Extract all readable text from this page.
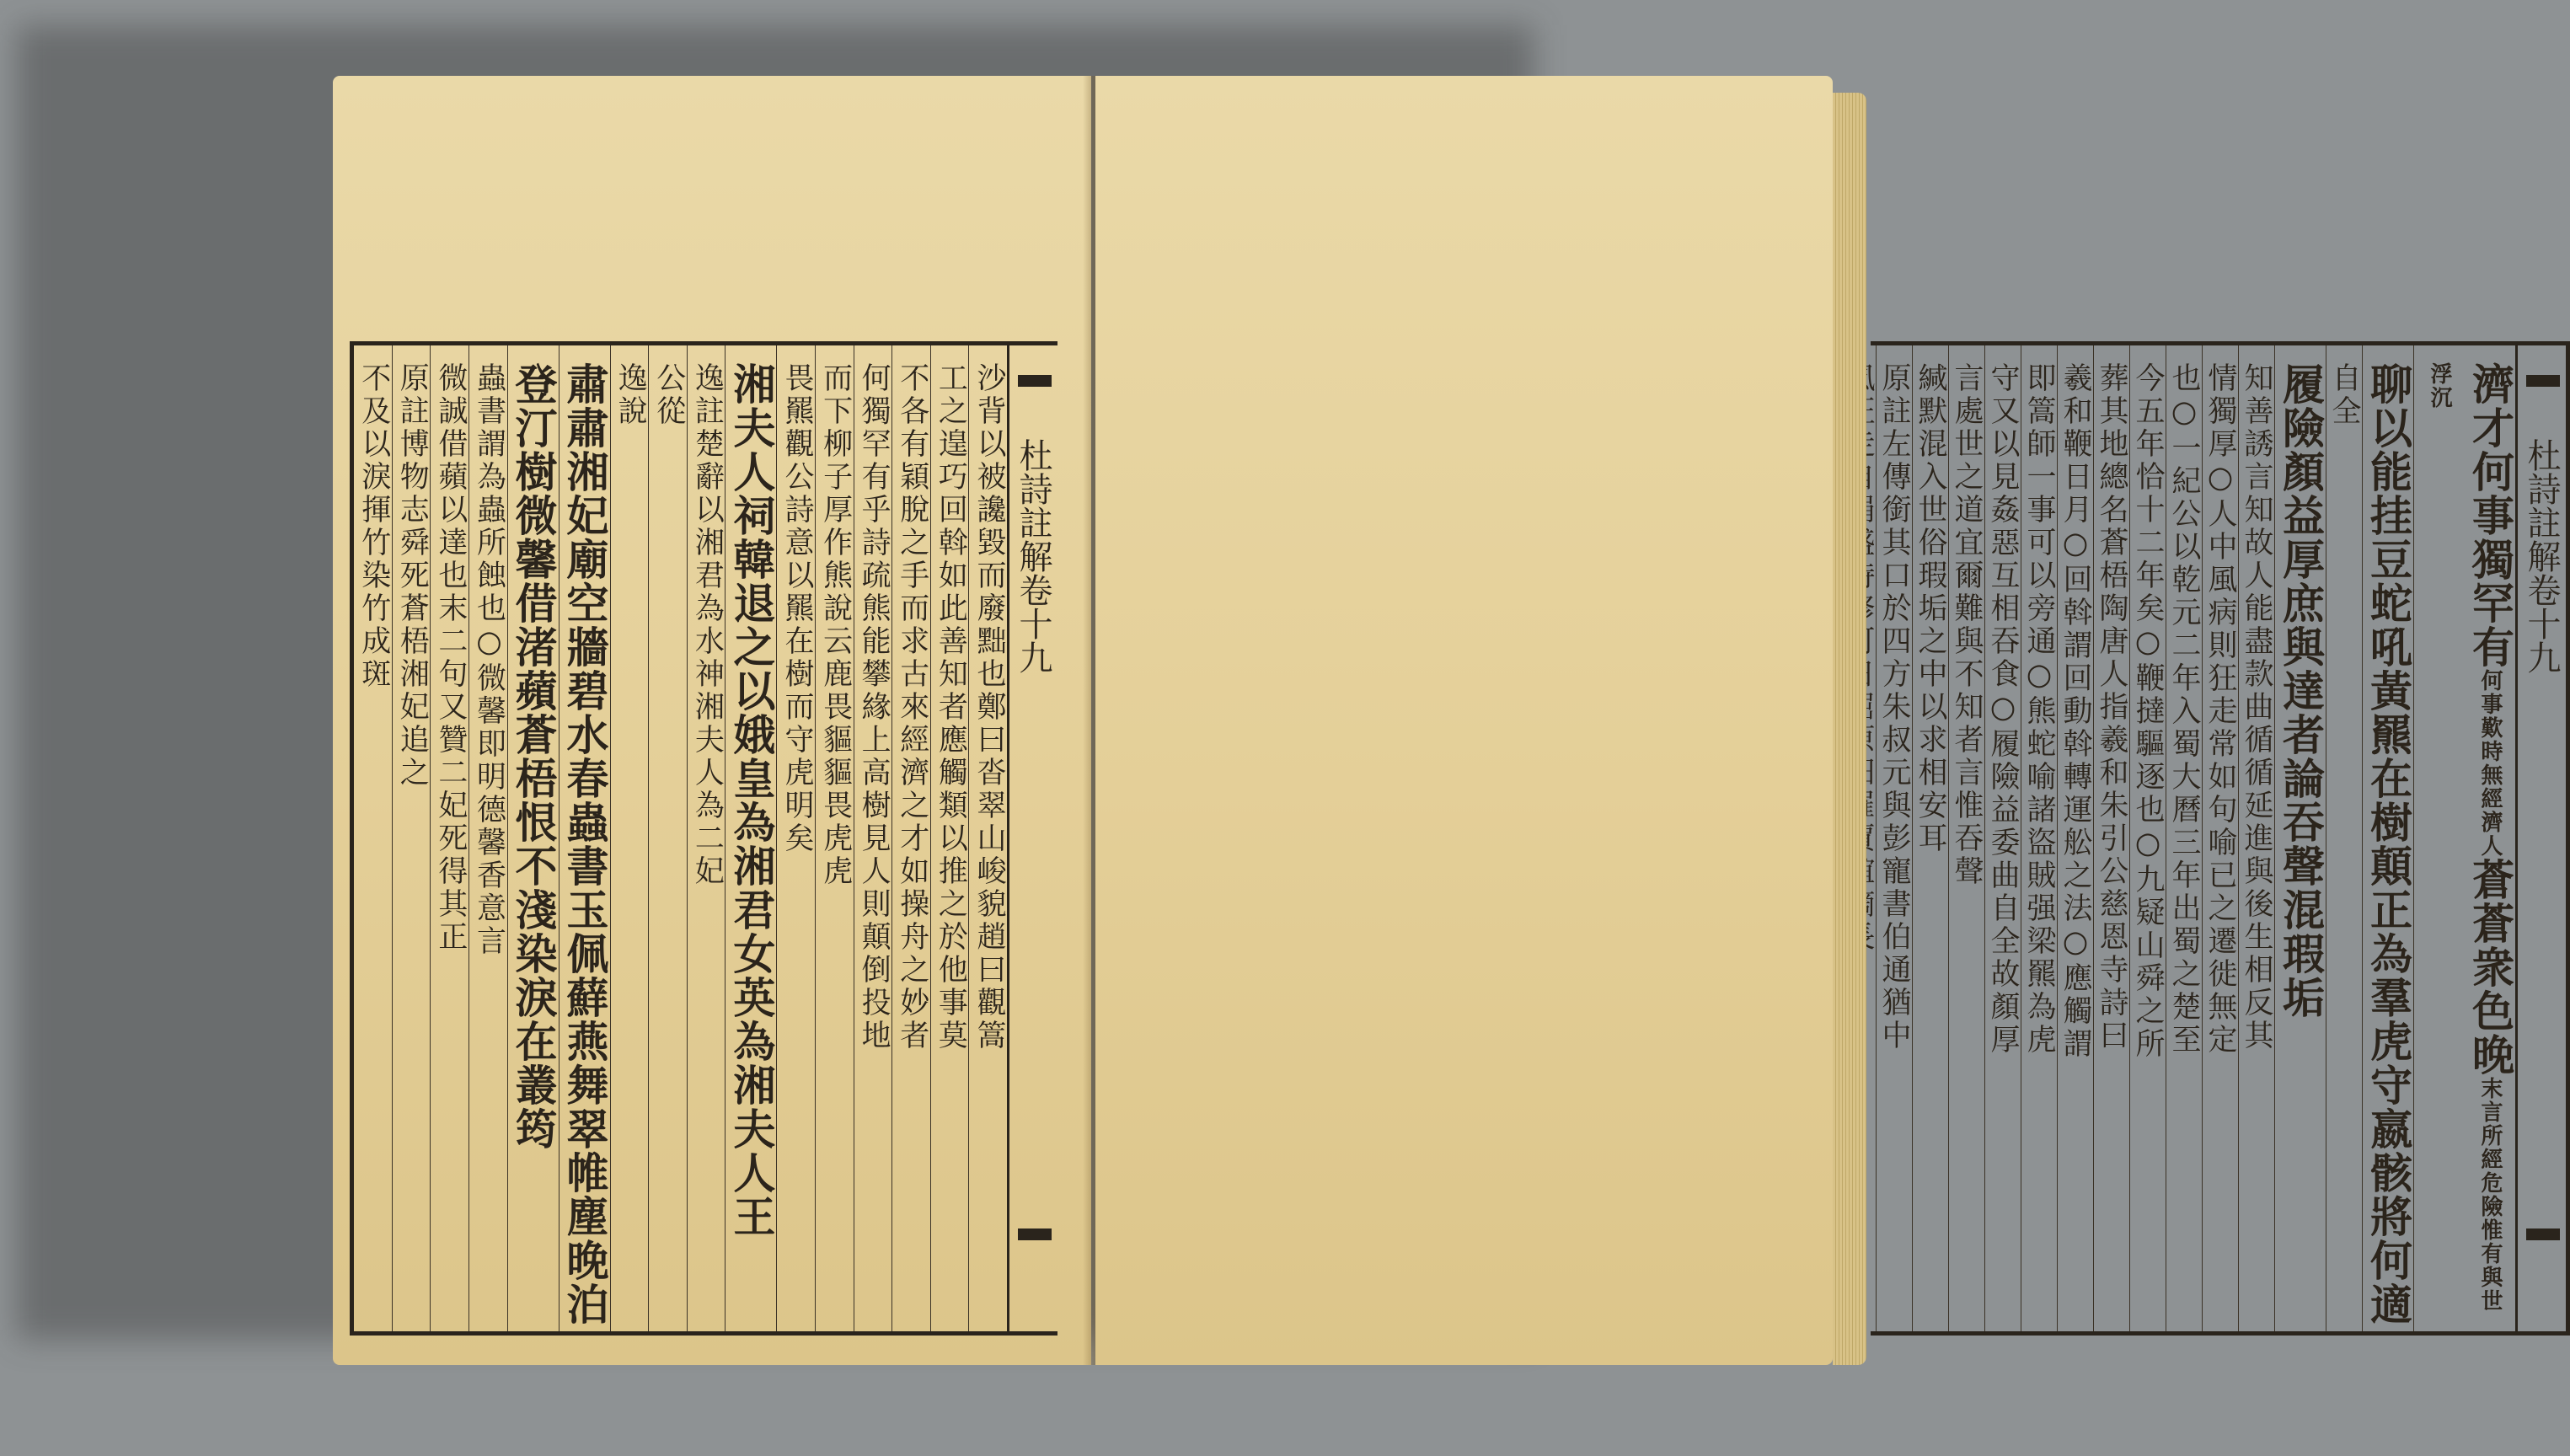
杜詩註解卷十九
沙背以被讒毀而廢黜也鄭曰沓翠山峻貌趙曰觀篙
工之遑巧回斡如此善知者應觸類以推之於他事莫
不各有穎脫之手而求古來經濟之才如操舟之妙者
何獨罕有乎詩疏熊能攀緣上高樹見人則顛倒投地
而下柳子厚作熊說云鹿畏貙貙畏虎虎
畏羆觀公詩意以羆在樹而守虎明矣
湘夫人祠韓退之以娥皇為湘君女英為湘夫人王
逸註楚辭以湘君為水神湘夫人為二妃
公從
逸說
肅肅湘妃廟空牆碧水春蟲書玉佩蘚燕舞翠帷塵晚泊
登汀樹微馨借渚蘋蒼梧恨不淺染淚在叢筠
蟲書謂為蟲所蝕也○微馨即明德馨香意言
微誠借蘋以達也末二句又贊二妃死得其正
原註博物志舜死蒼梧湘妃追之
不及以淚揮竹染竹成斑	杜詩註解卷十九
濟才何事獨罕有何事歎時無經濟人蒼蒼衆色晚末言所經危險惟有與世浮沉
聊以能挂豆蛇吼黃羆在樹顛正為羣虎守嬴骸將何適
自全
履險顏益厚庶與達者論吞聲混瑕垢
知善誘言知故人能盡款曲循循延進與後生相反其
情獨厚○人中風病則狂走常如句喻已之遷徙無定
也○一紀公以乾元二年入蜀大曆三年出蜀之楚至
今五年恰十二年矣○鞭撻驅逐也○九疑山舜之所
葬其地總名蒼梧陶唐人指羲和朱引公慈恩寺詩曰
羲和鞭日月○回斡謂回動斡轉運舩之法○應觸謂
即篙師一事可以旁通○熊蛇喻諸盜賊强梁羆為虎
守又以見姦惡互相吞食○履險益委曲自全故顏厚
言處世之道宜爾難與不知者言惟吞聲
緘默混入世俗瑕垢之中以求相安耳
原註左傳銜其口於四方朱叔元與彭寵書伯通猶中
